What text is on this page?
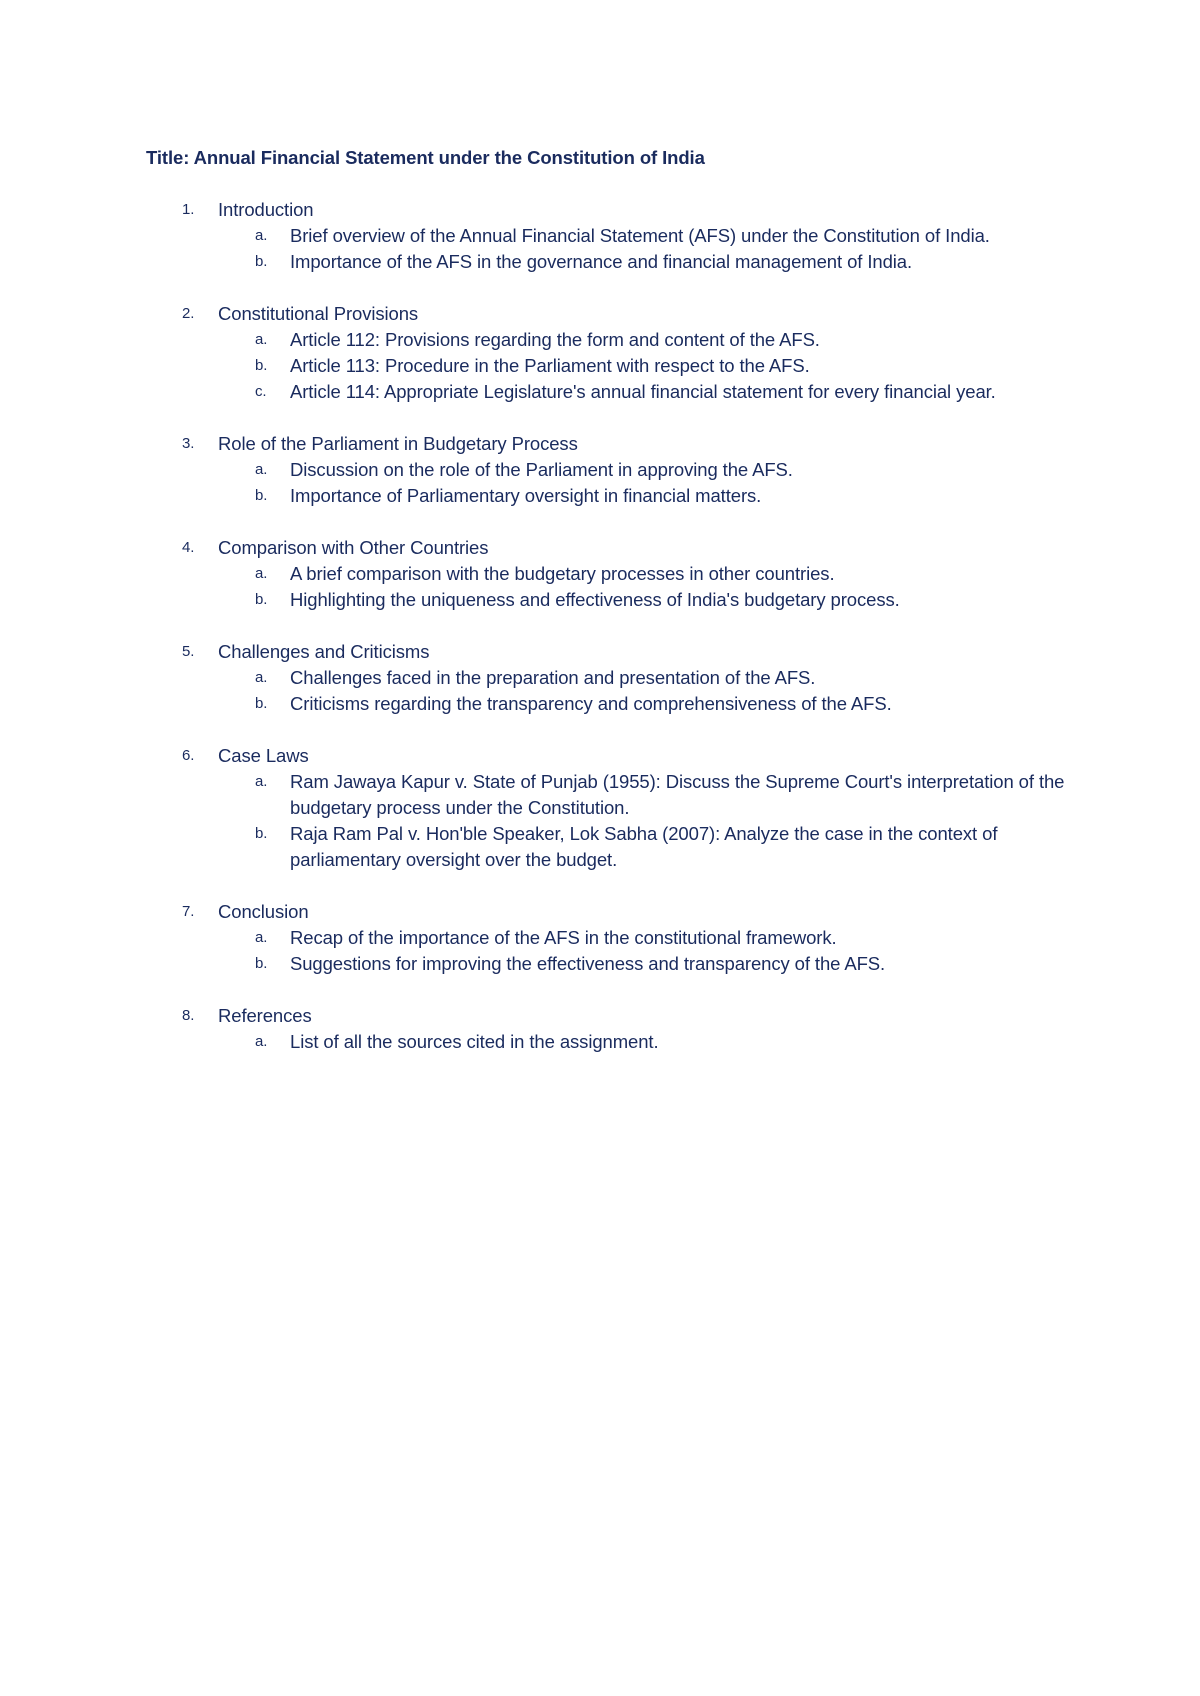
Title: Annual Financial Statement under the Constitution of India
1. Introduction
a. Brief overview of the Annual Financial Statement (AFS) under the Constitution of India.
b. Importance of the AFS in the governance and financial management of India.
2. Constitutional Provisions
a. Article 112: Provisions regarding the form and content of the AFS.
b. Article 113: Procedure in the Parliament with respect to the AFS.
c. Article 114: Appropriate Legislature's annual financial statement for every financial year.
3. Role of the Parliament in Budgetary Process
a. Discussion on the role of the Parliament in approving the AFS.
b. Importance of Parliamentary oversight in financial matters.
4. Comparison with Other Countries
a. A brief comparison with the budgetary processes in other countries.
b. Highlighting the uniqueness and effectiveness of India's budgetary process.
5. Challenges and Criticisms
a. Challenges faced in the preparation and presentation of the AFS.
b. Criticisms regarding the transparency and comprehensiveness of the AFS.
6. Case Laws
a. Ram Jawaya Kapur v. State of Punjab (1955): Discuss the Supreme Court's interpretation of the budgetary process under the Constitution.
b. Raja Ram Pal v. Hon'ble Speaker, Lok Sabha (2007): Analyze the case in the context of parliamentary oversight over the budget.
7. Conclusion
a. Recap of the importance of the AFS in the constitutional framework.
b. Suggestions for improving the effectiveness and transparency of the AFS.
8. References
a. List of all the sources cited in the assignment.
